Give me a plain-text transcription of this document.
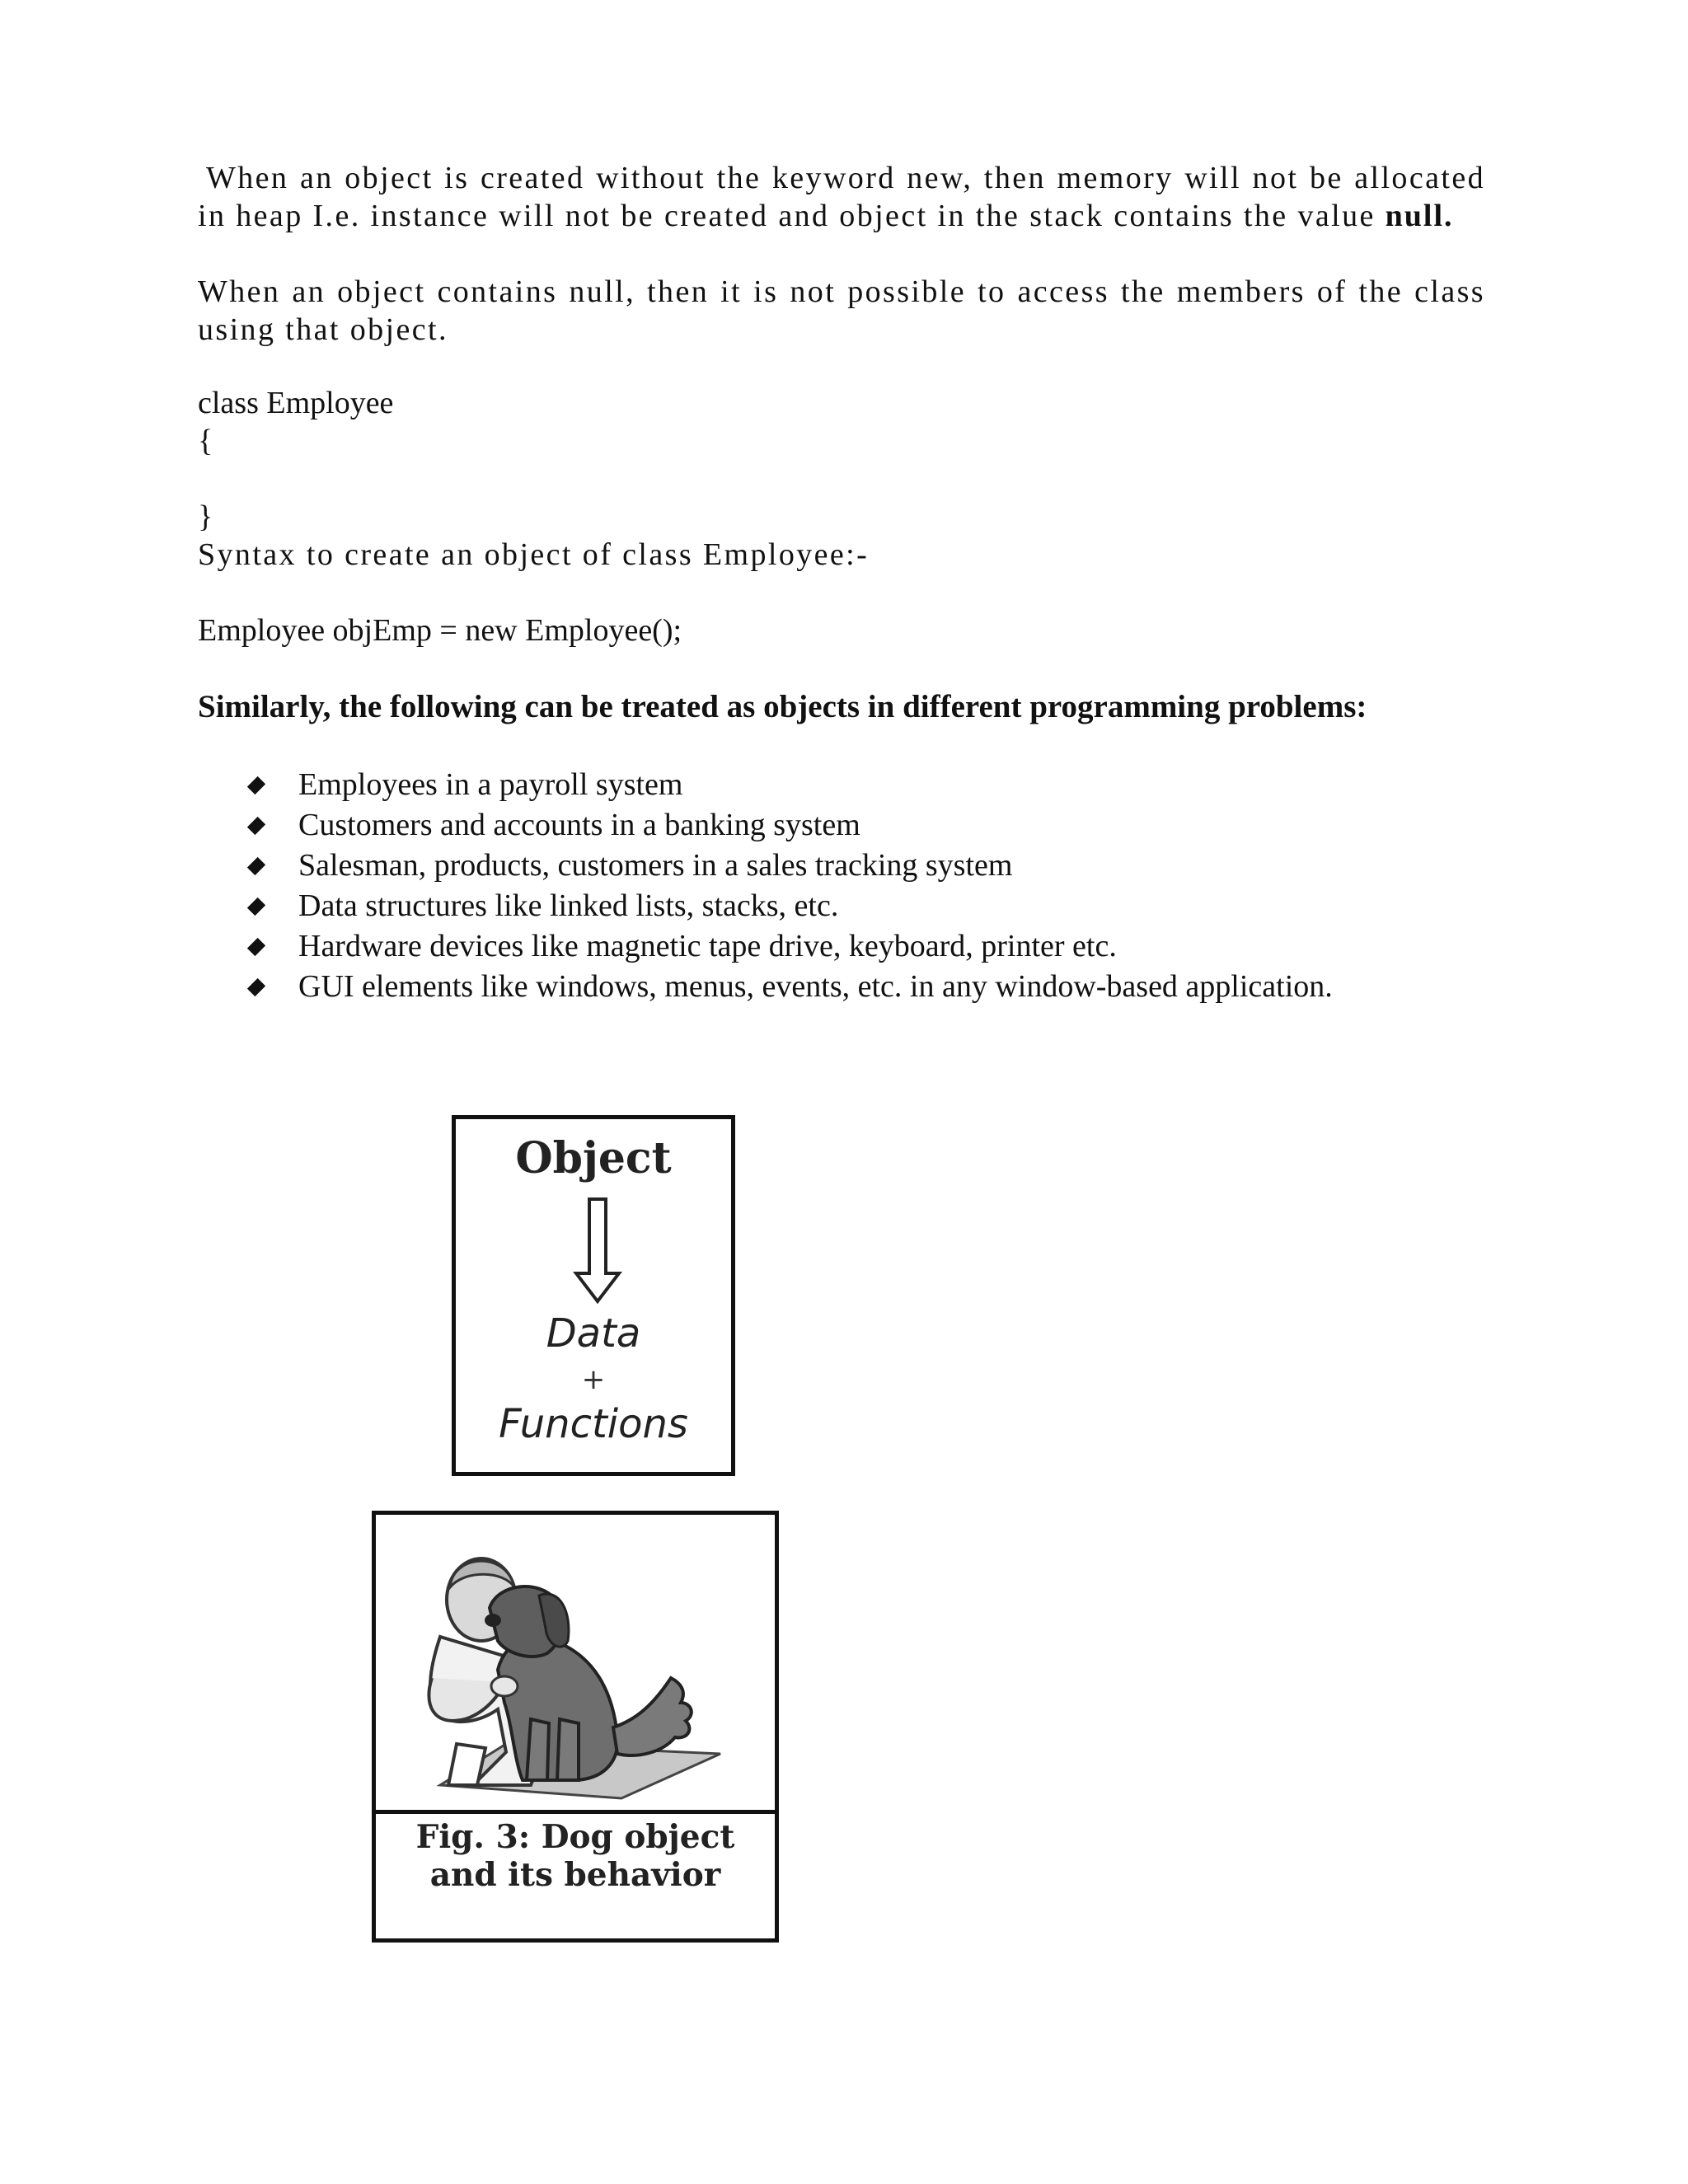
When an object is created without the keyword new, then memory will not be allocated in heap I.e. instance will not be created and object in the stack contains the value null.

When an object contains null, then it is not possible to access the members of the class using that object.

class Employee

{

}

Syntax to create an object of class Employee:-

Employee objEmp = new Employee();

Similarly, the following can be treated as objects in different programming problems:

Employees in a payroll system
Customers and accounts in a banking system
Salesman, products, customers in a sales tracking system
Data structures like linked lists, stacks, etc.
Hardware devices like magnetic tape drive, keyboard, printer etc.
GUI elements like windows, menus, events, etc. in any window-based application.
Object
Data
+
Functions
Fig. 3: Dog object
and its behavior
